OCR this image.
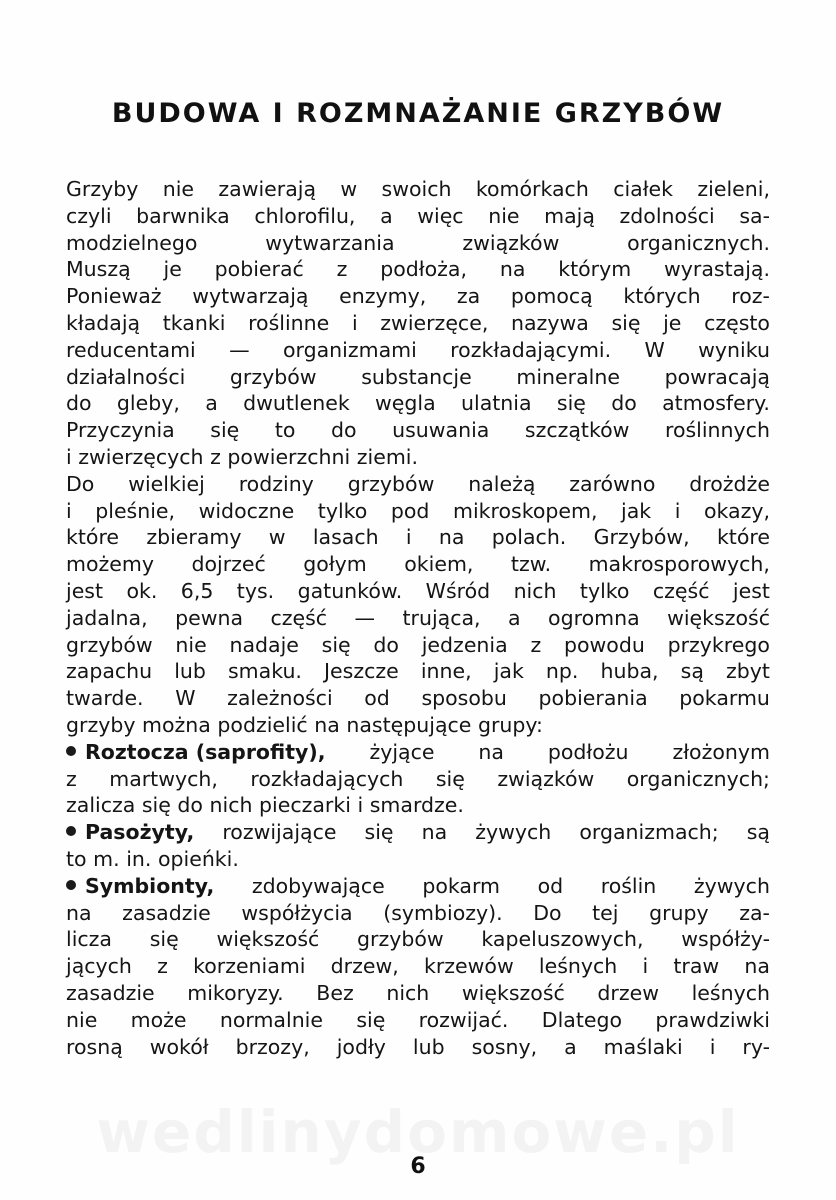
BUDOWA I ROZMNAŻANIE GRZYBÓW
Grzyby nie zawierają w swoich komórkach ciałek zieleni,
czyli barwnika chlorofilu, a więc nie mają zdolności sa-
modzielnego	wytwarzania	związków	organicznych.
Muszą je pobierać z podłoża, na którym wyrastają.
Ponieważ wytwarzają enzymy, za pomocą których roz-
kładają tkanki roślinne i zwierzęce, nazywa się je często
reducentami — organizmami rozkładającymi. W wyniku
działalności grzybów substancje mineralne powracają
do gleby, a dwutlenek węgla ulatnia się do atmosfery.
Przyczynia się to do usuwania szczątków roślinnych
i zwierzęcych z powierzchni ziemi.
Do wielkiej rodziny grzybów należą zarówno drożdże
i pleśnie, widoczne tylko pod mikroskopem, jak i okazy,
które zbieramy w lasach i na polach. Grzybów, które
możemy dojrzeć gołym okiem, tzw. makrosporowych,
jest ok. 6,5 tys. gatunków. Wśród nich tylko część jest
jadalna, pewna część — trująca, a ogromna większość
grzybów nie nadaje się do jedzenia z powodu przykrego
zapachu lub smaku. Jeszcze inne, jak np. huba, są zbyt
twarde. W zależności od sposobu pobierania pokarmu
grzyby można podzielić na następujące grupy:
Roztocza (saprofity), żyjące na podłożu złożonym
z martwych, rozkładających się związków organicznych;
zalicza się do nich pieczarki i smardze.
Pasożyty, rozwijające się na żywych organizmach; są
to m. in. opieńki.
Symbionty, zdobywające pokarm od roślin żywych
na zasadzie współżycia (symbiozy). Do tej grupy za-
licza się większość grzybów kapeluszowych, współży-
jących z korzeniami drzew, krzewów leśnych i traw na
zasadzie mikoryzy. Bez nich większość drzew leśnych
nie może normalnie się rozwijać. Dlatego prawdziwki
rosną wokół brzozy, jodły lub sosny, a maślaki i ry-
6
